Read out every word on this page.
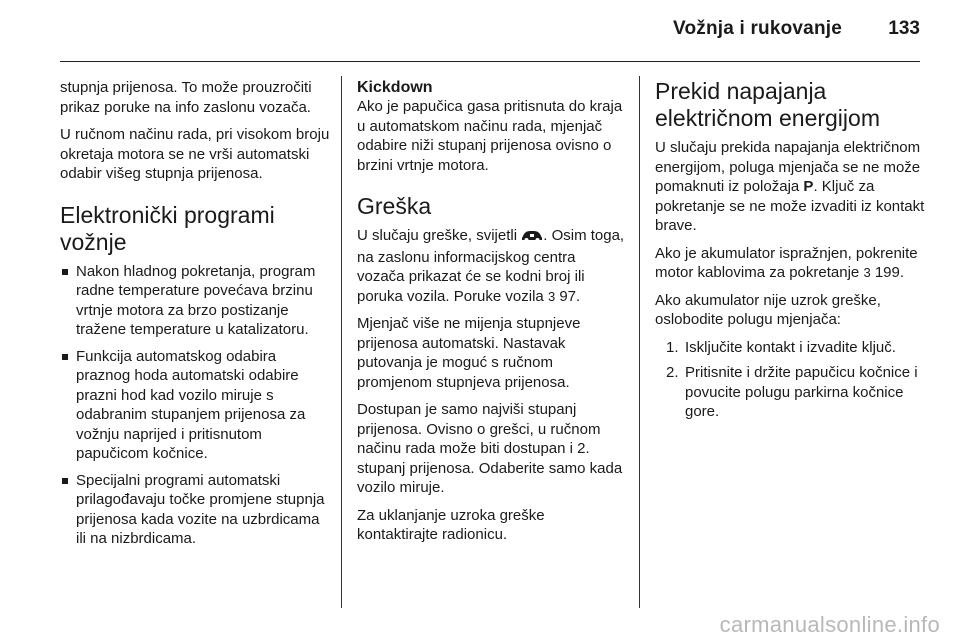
Vožnja i rukovanje 133

stupnja prijenosa. To može prouzročiti prikaz poruke na info zaslonu vozača.

U ručnom načinu rada, pri visokom broju okretaja motora se ne vrši automatski odabir višeg stupnja prijenosa.

Elektronički programi vožnje
Nakon hladnog pokretanja, program radne temperature povećava brzinu vrtnje motora za brzo postizanje tražene temperature u katalizatoru.
Funkcija automatskog odabira praznog hoda automatski odabire prazni hod kad vozilo miruje s odabranim stupanjem prijenosa za vožnju naprijed i pritisnutom papučicom kočnice.
Specijalni programi automatski prilagođavaju točke promjene stupnja prijenosa kada vozite na uzbrdicama ili na nizbrdicama.
Kickdown

Ako je papučica gasa pritisnuta do kraja u automatskom načinu rada, mjenjač odabire niži stupanj prijenosa ovisno o brzini vrtnje motora.

Greška

U slučaju greške, svijetli . Osim toga, na zaslonu informacijskog centra vozača prikazat će se kodni broj ili poruka vozila. Poruke vozila 3 97.

Mjenjač više ne mijenja stupnjeve prijenosa automatski. Nastavak putovanja je moguć s ručnom promjenom stupnjeva prijenosa.

Dostupan je samo najviši stupanj prijenosa. Ovisno o grešci, u ručnom načinu rada može biti dostupan i 2. stupanj prijenosa. Odaberite samo kada vozilo miruje.

Za uklanjanje uzroka greške kontaktirajte radionicu.

Prekid napajanja električnom energijom

U slučaju prekida napajanja električnom energijom, poluga mjenjača se ne može pomaknuti iz položaja P. Ključ za pokretanje se ne može izvaditi iz kontakt brave.

Ako je akumulator ispražnjen, pokrenite motor kablovima za pokretanje 3 199.

Ako akumulator nije uzrok greške, oslobodite polugu mjenjača:

1. Isključite kontakt i izvadite ključ.
2. Pritisnite i držite papučicu kočnice i povucite polugu parkirna kočnice gore.
carmanualsonline.info
